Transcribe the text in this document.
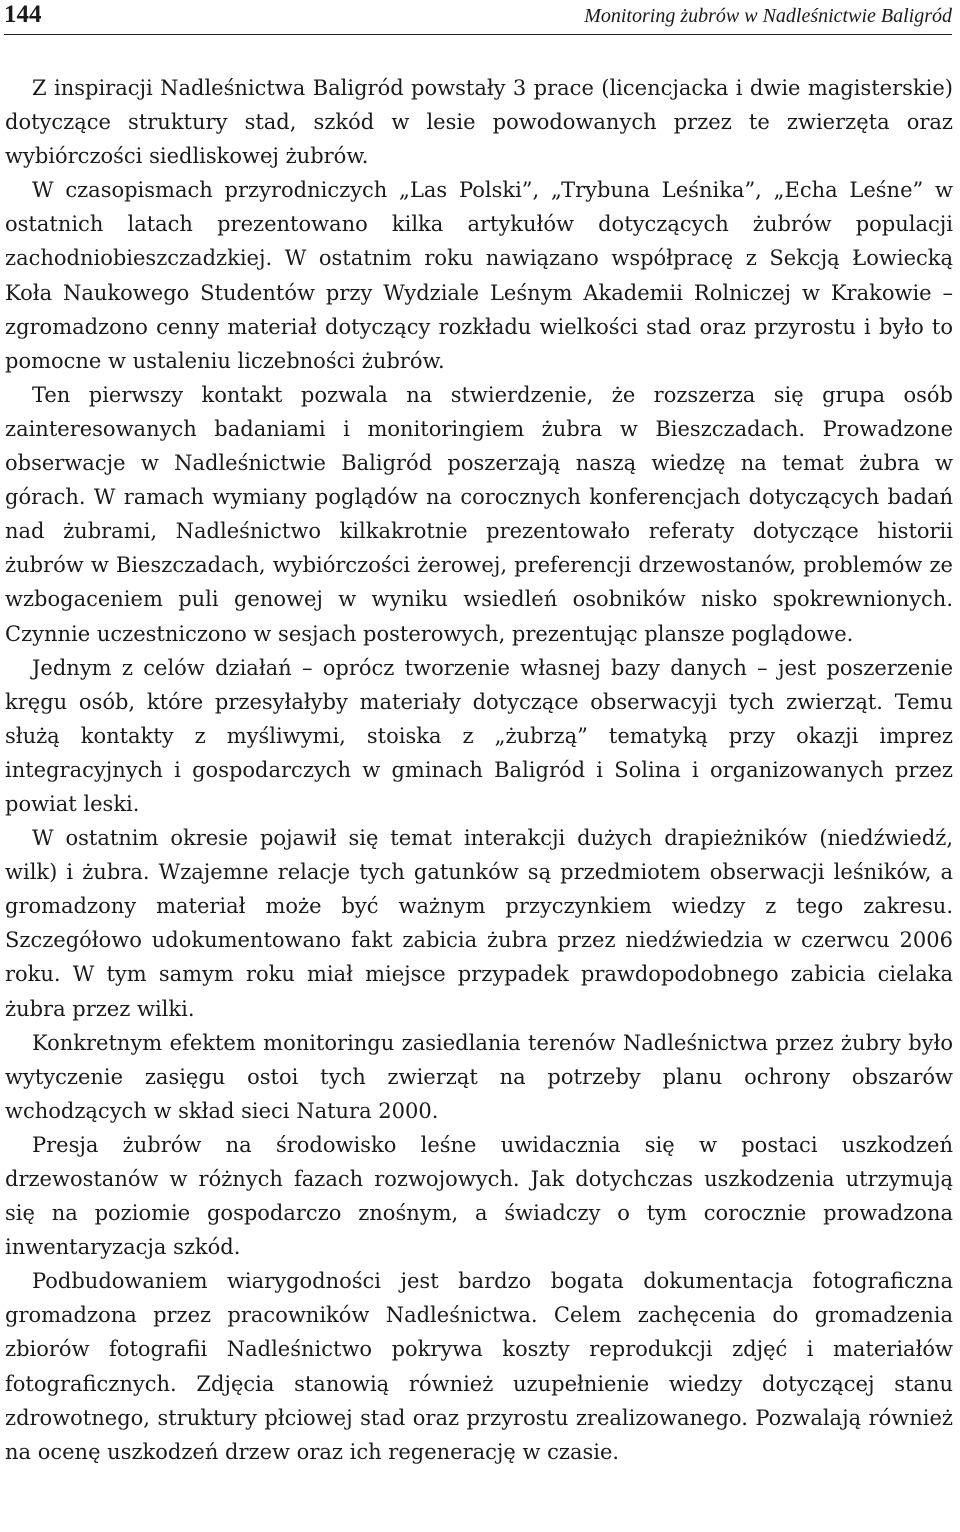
144	Monitoring żubrów w Nadleśnictwie Baligród

Z inspiracji Nadleśnictwa Baligród powstały 3 prace (licencjacka i dwie magisterskie) dotyczące struktury stad, szkód w lesie powodowanych przez te zwierzęta oraz wybiórczości siedliskowej żubrów.

W czasopismach przyrodniczych „Las Polski”, „Trybuna Leśnika”, „Echa Leśne” w ostatnich latach prezentowano kilka artykułów dotyczących żubrów populacji zachodniobieszczadzkiej. W ostatnim roku nawiązano współpracę z Sekcją Łowiecką Koła Naukowego Studentów przy Wydziale Leśnym Akademii Rolniczej w Krakowie – zgromadzono cenny materiał dotyczący rozkładu wielkości stad oraz przyrostu i było to pomocne w ustaleniu liczebności żubrów.

Ten pierwszy kontakt pozwala na stwierdzenie, że rozszerza się grupa osób zainteresowanych badaniami i monitoringiem żubra w Bieszczadach. Prowadzone obserwacje w Nadleśnictwie Baligród poszerzają naszą wiedzę na temat żubra w górach. W ramach wymiany poglądów na corocznych konferencjach dotyczących badań nad żubrami, Nadleśnictwo kilkakrotnie prezentowało referaty dotyczące historii żubrów w Bieszczadach, wybiórczości żerowej, preferencji drzewostanów, problemów ze wzbogaceniem puli genowej w wyniku wsiedleń osobników nisko spokrewnionych. Czynnie uczestniczono w sesjach posterowych, prezentując plansze poglądowe.

Jednym z celów działań – oprócz tworzenie własnej bazy danych – jest poszerzenie kręgu osób, które przesyłałyby materiały dotyczące obserwacyji tych zwierząt. Temu służą kontakty z myśliwymi, stoiska z „żubrzą” tematyką przy okazji imprez integracyjnych i gospodarczych w gminach Baligród i Solina i organizowanych przez powiat leski.

W ostatnim okresie pojawił się temat interakcji dużych drapieżników (niedźwiedź, wilk) i żubra. Wzajemne relacje tych gatunków są przedmiotem obserwacji leśników, a gromadzony materiał może być ważnym przyczynkiem wiedzy z tego zakresu. Szczegółowo udokumentowano fakt zabicia żubra przez niedźwiedzia w czerwcu 2006 roku. W tym samym roku miał miejsce przypadek prawdopodobnego zabicia cielaka żubra przez wilki.

Konkretnym efektem monitoringu zasiedlania terenów Nadleśnictwa przez żubry było wytyczenie zasięgu ostoi tych zwierząt na potrzeby planu ochrony obszarów wchodzących w skład sieci Natura 2000.

Presja żubrów na środowisko leśne uwidacznia się w postaci uszkodzeń drzewostanów w różnych fazach rozwojowych. Jak dotychczas uszkodzenia utrzymują się na poziomie gospodarczo znośnym, a świadczy o tym corocznie prowadzona inwentaryzacja szkód.

Podbudowaniem wiarygodności jest bardzo bogata dokumentacja fotograficzna gromadzona przez pracowników Nadleśnictwa. Celem zachęcenia do gromadzenia zbiorów fotografii Nadleśnictwo pokrywa koszty reprodukcji zdjęć i materiałów fotograficznych. Zdjęcia stanowią również uzupełnienie wiedzy dotyczącej stanu zdrowotnego, struktury płciowej stad oraz przyrostu zrealizowanego. Pozwalają również na ocenę uszkodzeń drzew oraz ich regenerację w czasie.
